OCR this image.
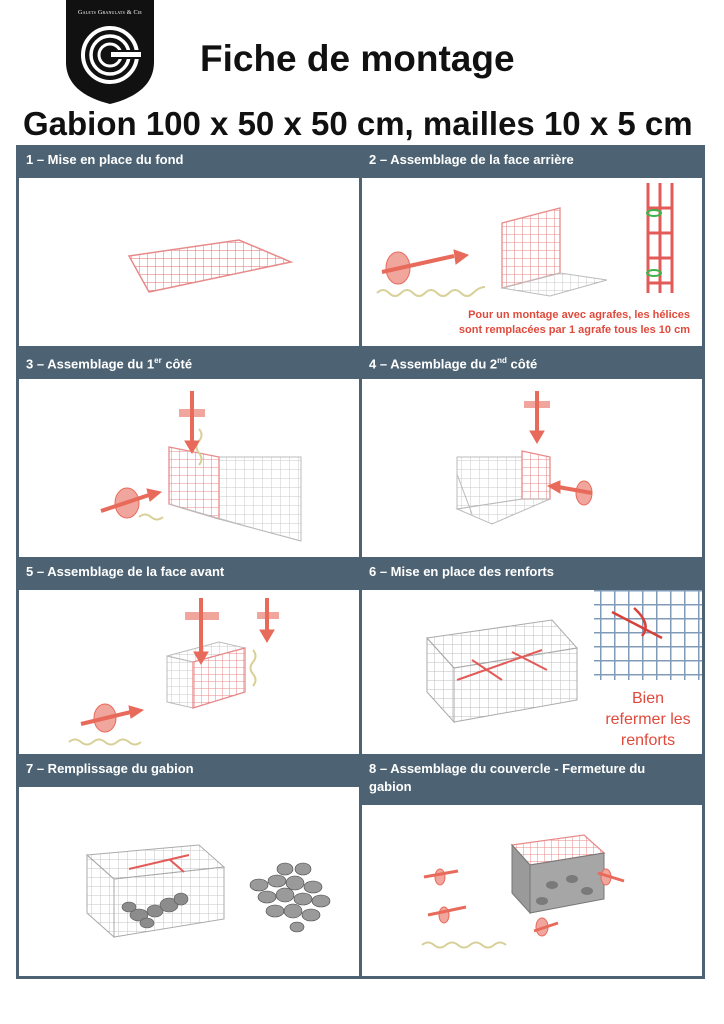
Galets Granulats & Cie
Fiche de montage
Gabion 100 x 50 x 50 cm, mailles 10 x 5 cm
1 – Mise en place du fond	2 – Assemblage de la face arrière
Pour un montage avec agrafes, les hélices
sont remplacées par 1 agrafe tous les 10 cm
3 – Assemblage du 1er côté	4 – Assemblage du 2nd côté
5 – Assemblage de la face avant	6 – Mise en place des renforts
Bien
refermer les
renforts
7 – Remplissage du gabion	8 – Assemblage du couvercle - Fermeture du
gabion
